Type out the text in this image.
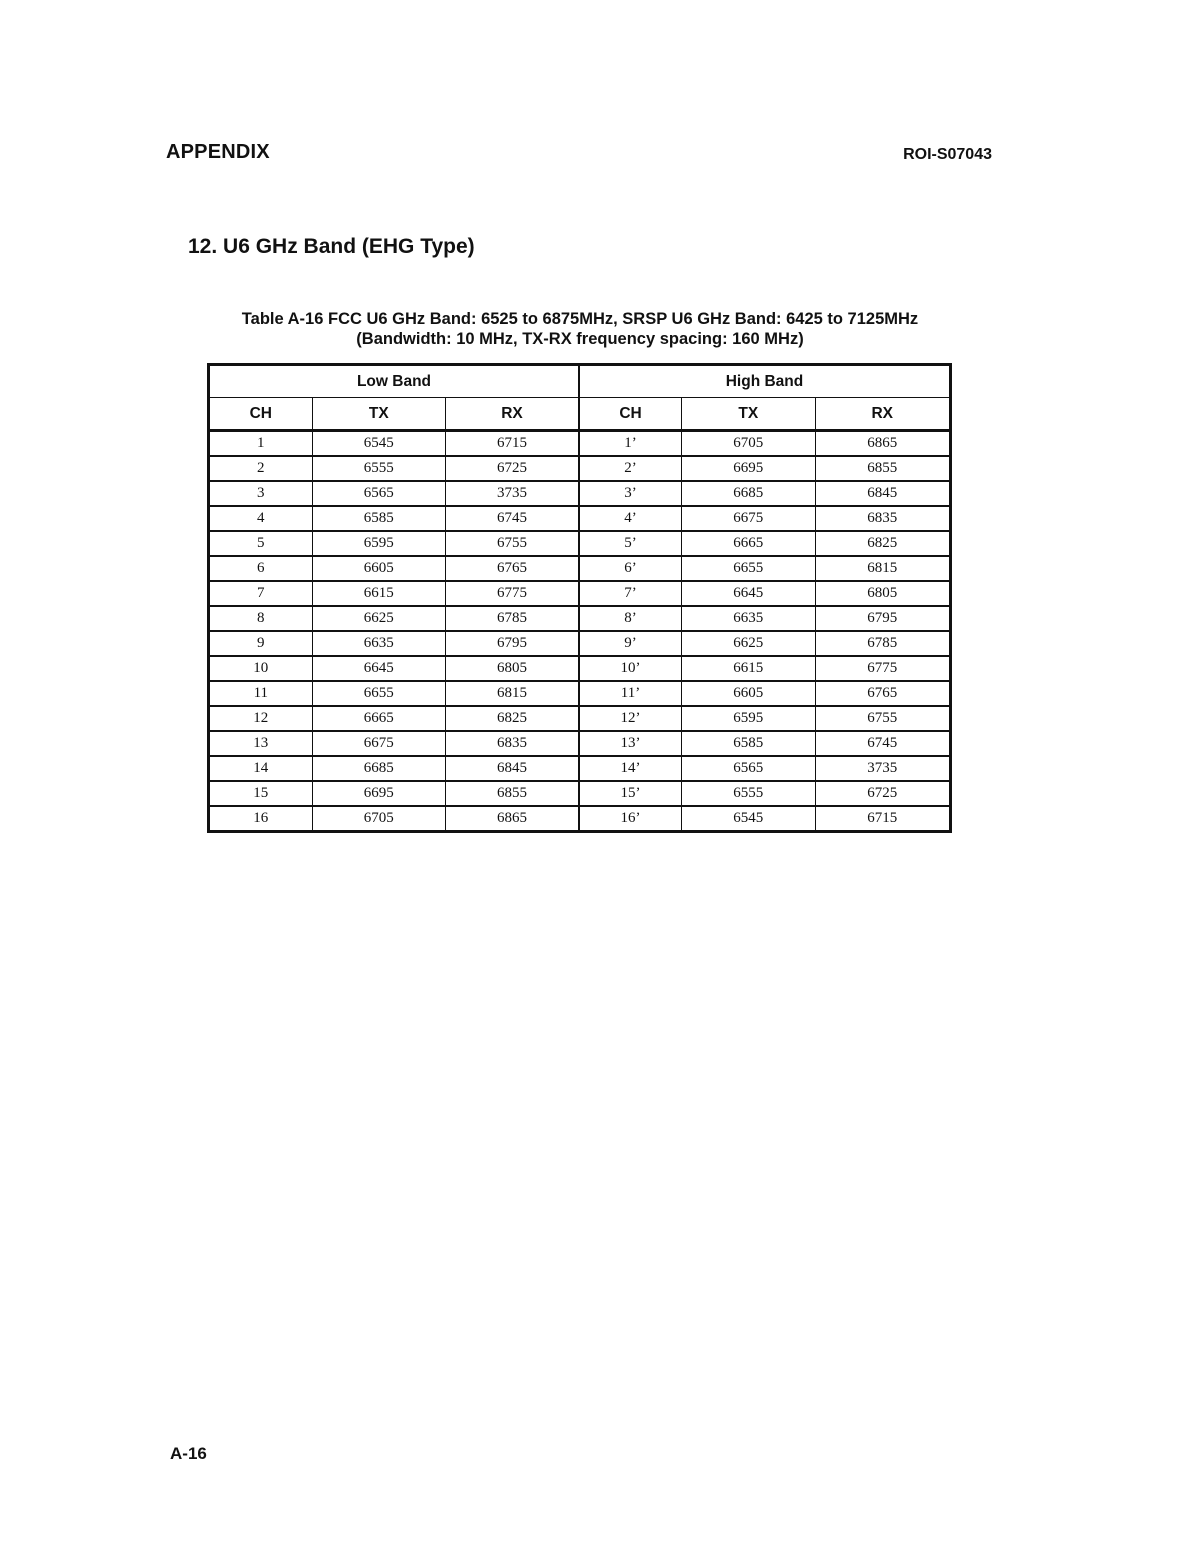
APPENDIX	ROI-S07043
12. U6 GHz Band (EHG Type)
Table A-16 FCC U6 GHz Band: 6525 to 6875MHz, SRSP U6 GHz Band: 6425 to 7125MHz
(Bandwidth: 10 MHz, TX-RX frequency spacing: 160 MHz)
Low Band			High Band		
CH	TX	RX	CH	TX	RX
1	6545	6715	1’	6705	6865
2	6555	6725	2’	6695	6855
3	6565	3735	3’	6685	6845
4	6585	6745	4’	6675	6835
5	6595	6755	5’	6665	6825
6	6605	6765	6’	6655	6815
7	6615	6775	7’	6645	6805
8	6625	6785	8’	6635	6795
9	6635	6795	9’	6625	6785
10	6645	6805	10’	6615	6775
11	6655	6815	11’	6605	6765
12	6665	6825	12’	6595	6755
13	6675	6835	13’	6585	6745
14	6685	6845	14’	6565	3735
15	6695	6855	15’	6555	6725
16	6705	6865	16’	6545	6715
A-16
